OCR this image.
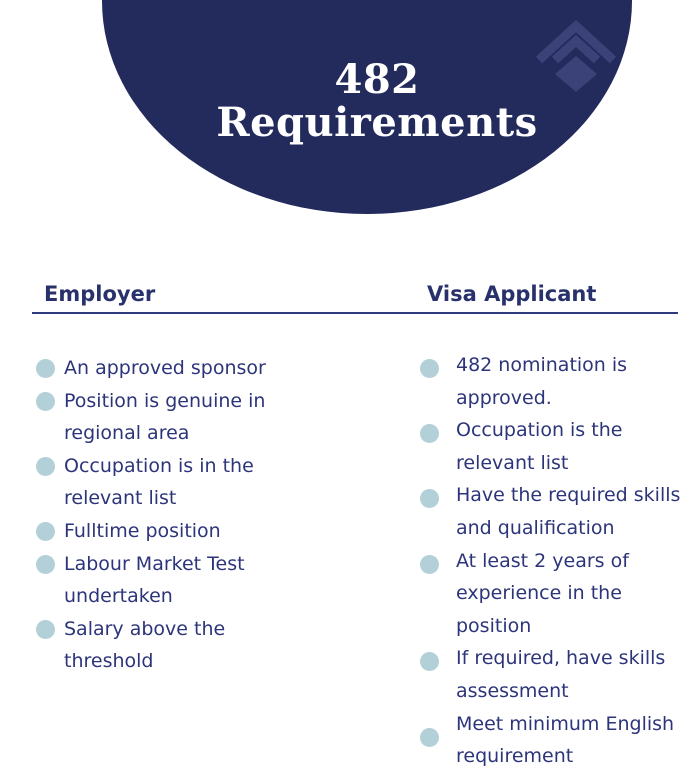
482
Requirements
Employer	Visa Applicant
An approved sponsor
Position is genuine in regional area
Occupation is in the relevant list
Fulltime position
Labour Market Test undertaken
Salary above the threshold
482 nomination is approved.
Occupation is the relevant list
Have the required skills and qualification
At least 2 years of experience in the position
If required, have skills assessment
Meet minimum English requirement
